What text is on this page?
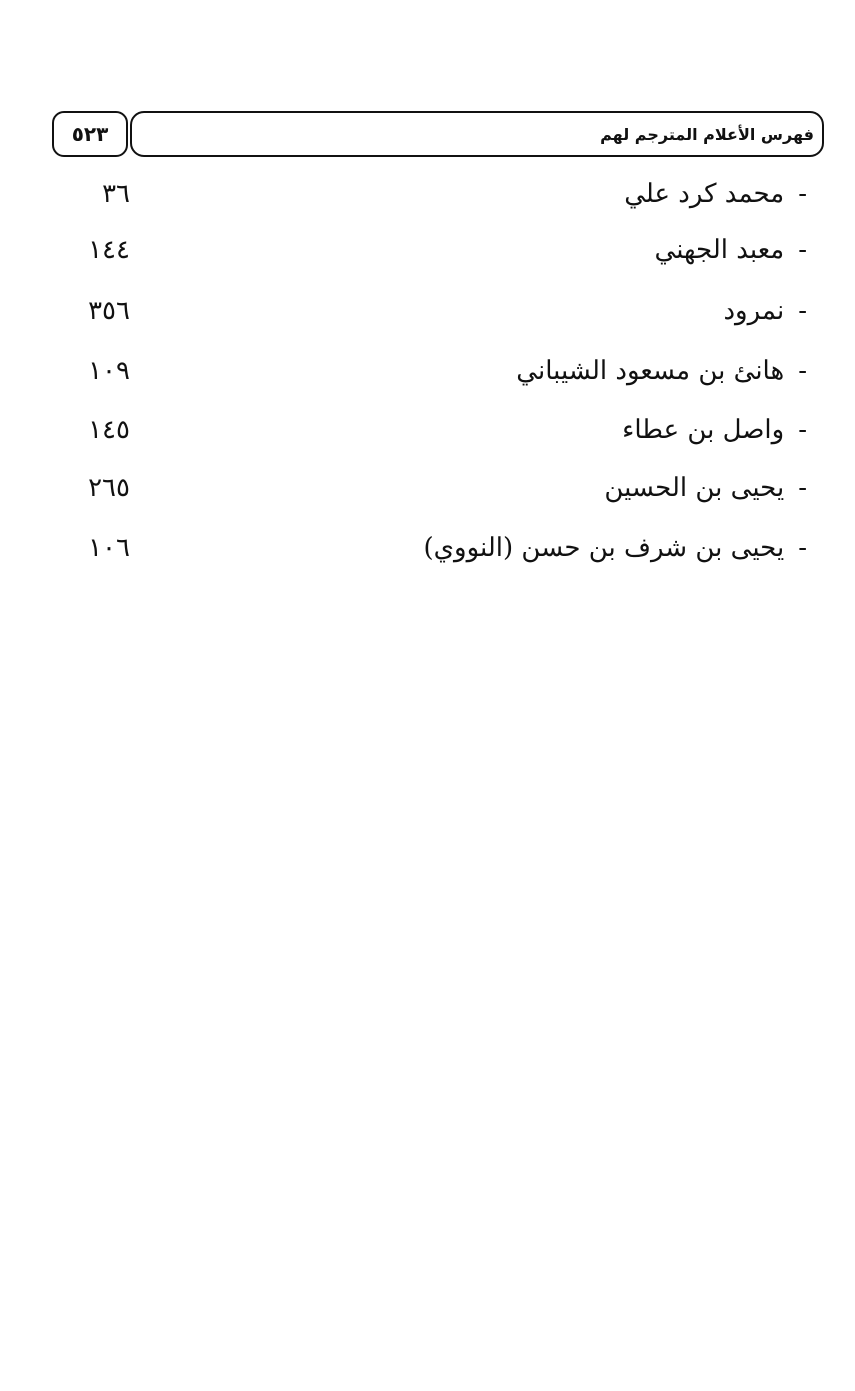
٥٢٣	فهرس الأعلام المترجم لهم
-محمد كرد علي
٣٦
-معبد الجهني
١٤٤
-نمرود
٣٥٦
-هانئ بن مسعود الشيباني
١٠٩
-واصل بن عطاء
١٤٥
-يحيى بن الحسين
٢٦٥
-يحيى بن شرف بن حسن (النووي)
١٠٦
